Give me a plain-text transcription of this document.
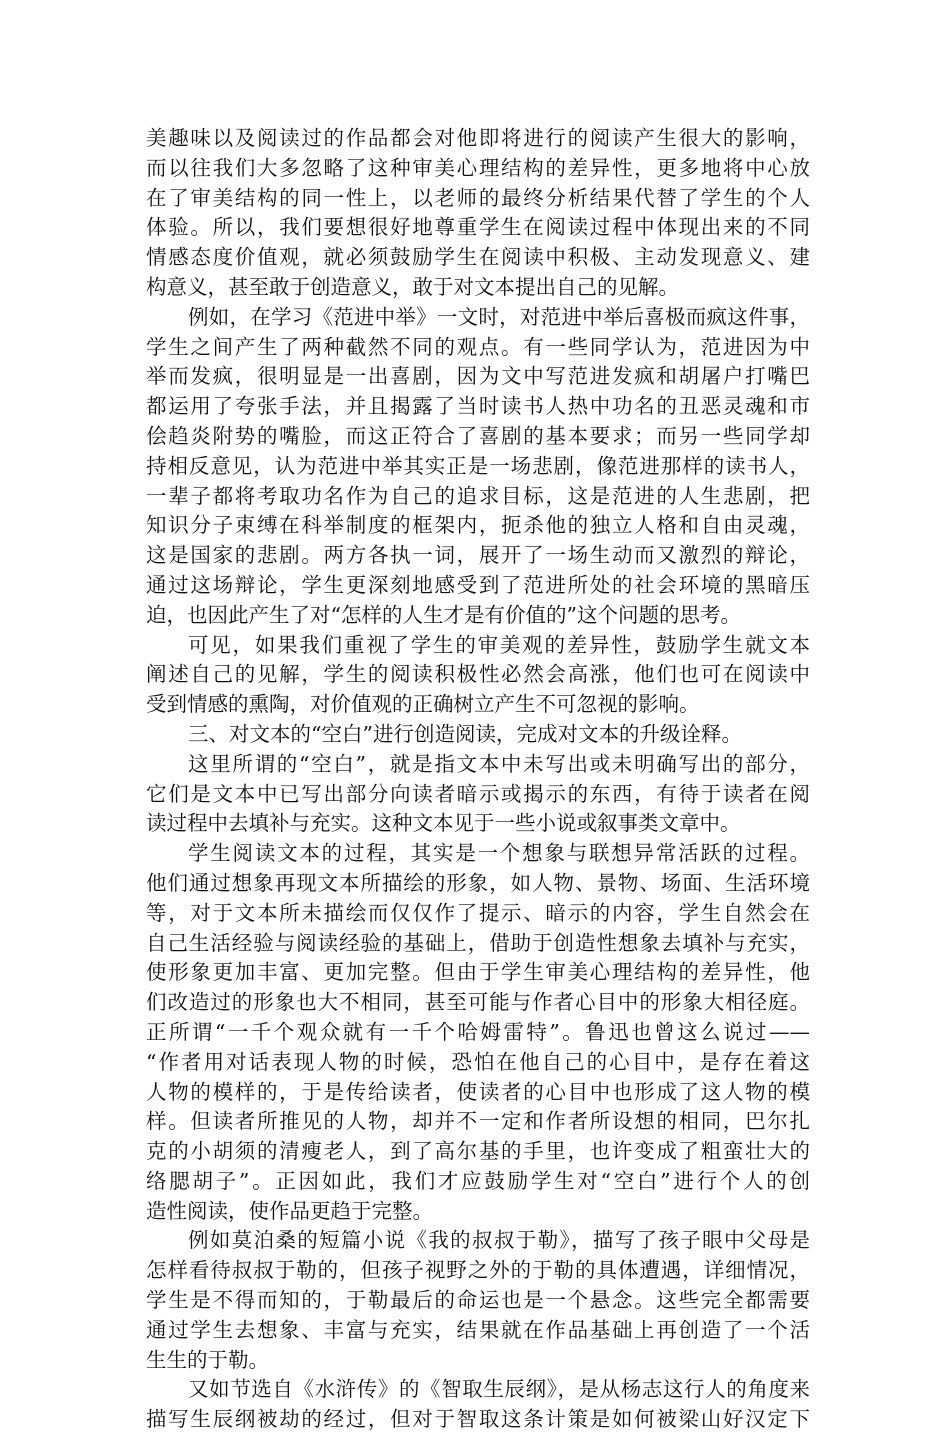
美趣味以及阅读过的作品都会对他即将进行的阅读产生很大的影响，
而以往我们大多忽略了这种审美心理结构的差异性，更多地将中心放
在了审美结构的同一性上，以老师的最终分析结果代替了学生的个人
体验。所以，我们要想很好地尊重学生在阅读过程中体现出来的不同
情感态度价值观，就必须鼓励学生在阅读中积极、主动发现意义、建
构意义，甚至敢于创造意义，敢于对文本提出自己的见解。
例如，在学习《范进中举》一文时，对范进中举后喜极而疯这件事，
学生之间产生了两种截然不同的观点。有一些同学认为，范进因为中
举而发疯，很明显是一出喜剧，因为文中写范进发疯和胡屠户打嘴巴
都运用了夸张手法，并且揭露了当时读书人热中功名的丑恶灵魂和市
侩趋炎附势的嘴脸，而这正符合了喜剧的基本要求；而另一些同学却
持相反意见，认为范进中举其实正是一场悲剧，像范进那样的读书人，
一辈子都将考取功名作为自己的追求目标，这是范进的人生悲剧，把
知识分子束缚在科举制度的框架内，扼杀他的独立人格和自由灵魂，
这是国家的悲剧。两方各执一词，展开了一场生动而又激烈的辩论，
通过这场辩论，学生更深刻地感受到了范进所处的社会环境的黑暗压
迫，也因此产生了对“怎样的人生才是有价值的”这个问题的思考。
可见，如果我们重视了学生的审美观的差异性，鼓励学生就文本
阐述自己的见解，学生的阅读积极性必然会高涨，他们也可在阅读中
受到情感的熏陶，对价值观的正确树立产生不可忽视的影响。
三、对文本的“空白”进行创造阅读，完成对文本的升级诠释。
这里所谓的“空白”，就是指文本中未写出或未明确写出的部分，
它们是文本中已写出部分向读者暗示或揭示的东西，有待于读者在阅
读过程中去填补与充实。这种文本见于一些小说或叙事类文章中。
学生阅读文本的过程，其实是一个想象与联想异常活跃的过程。
他们通过想象再现文本所描绘的形象，如人物、景物、场面、生活环境
等，对于文本所未描绘而仅仅作了提示、暗示的内容，学生自然会在
自己生活经验与阅读经验的基础上，借助于创造性想象去填补与充实，
使形象更加丰富、更加完整。但由于学生审美心理结构的差异性，他
们改造过的形象也大不相同，甚至可能与作者心目中的形象大相径庭。
正所谓“一千个观众就有一千个哈姆雷特”。鲁迅也曾这么说过——
“作者用对话表现人物的时候，恐怕在他自己的心目中，是存在着这
人物的模样的，于是传给读者，使读者的心目中也形成了这人物的模
样。但读者所推见的人物，却并不一定和作者所设想的相同，巴尔扎
克的小胡须的清瘦老人，到了高尔基的手里，也许变成了粗蛮壮大的
络腮胡子”。正因如此，我们才应鼓励学生对“空白”进行个人的创
造性阅读，使作品更趋于完整。
例如莫泊桑的短篇小说《我的叔叔于勒》，描写了孩子眼中父母是
怎样看待叔叔于勒的，但孩子视野之外的于勒的具体遭遇，详细情况，
学生是不得而知的，于勒最后的命运也是一个悬念。这些完全都需要
通过学生去想象、丰富与充实，结果就在作品基础上再创造了一个活
生生的于勒。
又如节选自《水浒传》的《智取生辰纲》，是从杨志这行人的角度来
描写生辰纲被劫的经过，但对于智取这条计策是如何被梁山好汉定下
